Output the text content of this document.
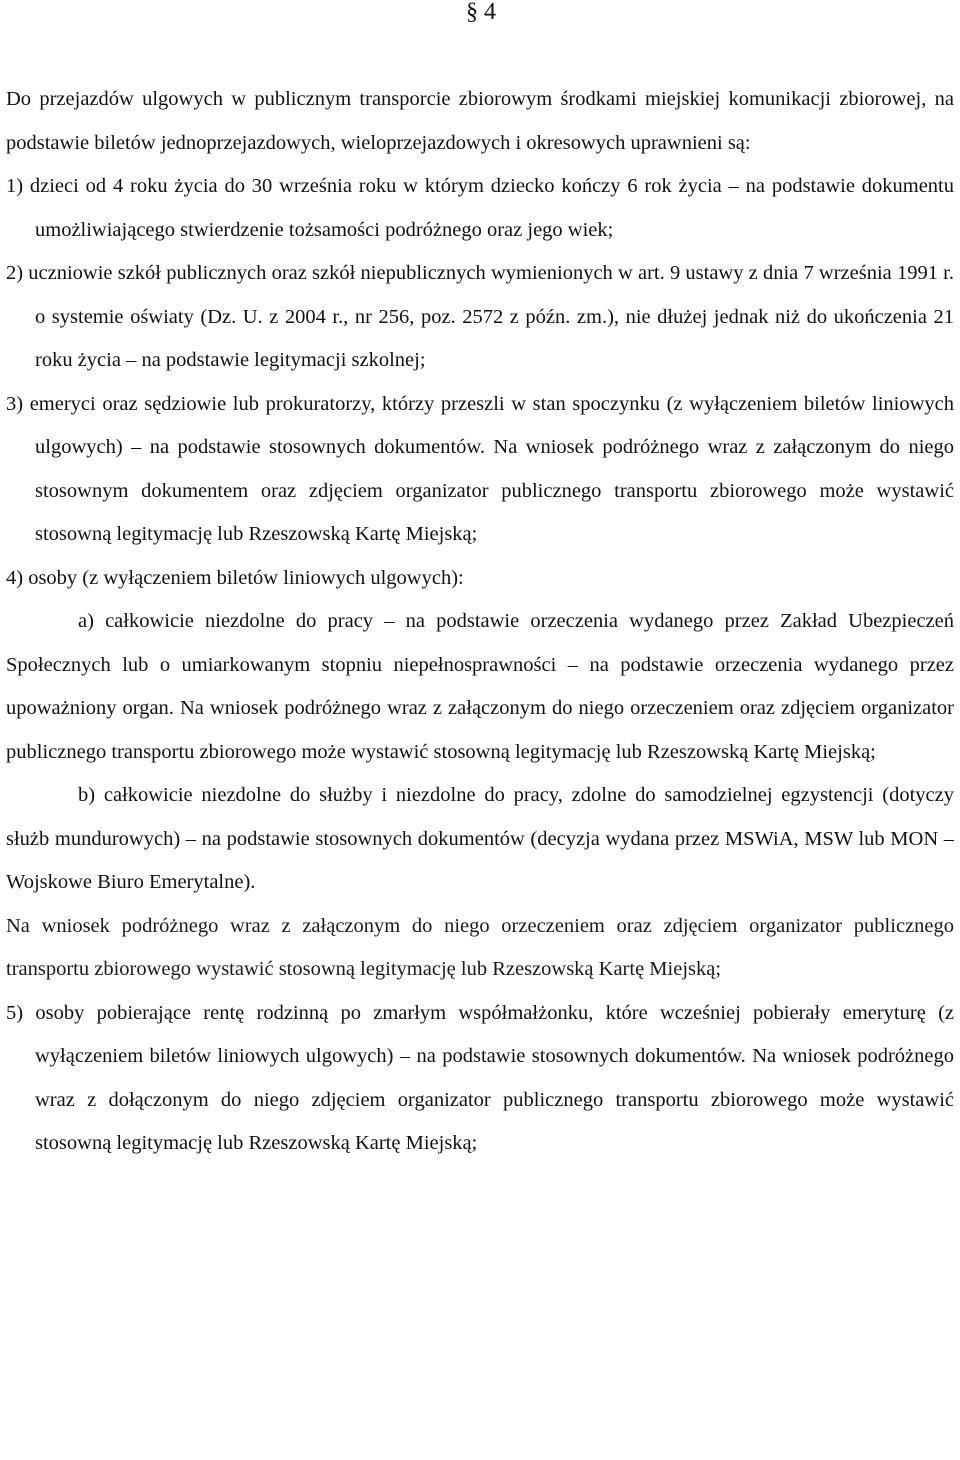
§ 4

Do przejazdów ulgowych w publicznym transporcie zbiorowym środkami miejskiej komunikacji zbiorowej, na podstawie biletów jednoprzejazdowych, wieloprzejazdowych i okresowych uprawnieni są:

1) dzieci od 4 roku życia do 30 września roku w którym dziecko kończy 6 rok życia – na podstawie dokumentu umożliwiającego stwierdzenie tożsamości podróżnego oraz jego wiek;

2) uczniowie szkół publicznych oraz szkół niepublicznych wymienionych w art. 9 ustawy z dnia 7 września 1991 r. o systemie oświaty (Dz. U. z 2004 r., nr 256, poz. 2572 z późn. zm.), nie dłużej jednak niż do ukończenia 21 roku życia – na podstawie legitymacji szkolnej;

3) emeryci oraz sędziowie lub prokuratorzy, którzy przeszli w stan spoczynku (z wyłączeniem biletów liniowych ulgowych) – na podstawie stosownych dokumentów. Na wniosek podróżnego wraz z załączonym do niego stosownym dokumentem oraz zdjęciem organizator publicznego transportu zbiorowego może wystawić stosowną legitymację lub Rzeszowską Kartę Miejską;

4) osoby (z wyłączeniem biletów liniowych ulgowych):

a) całkowicie niezdolne do pracy – na podstawie orzeczenia wydanego przez Zakład Ubezpieczeń Społecznych lub o umiarkowanym stopniu niepełnosprawności – na podstawie orzeczenia wydanego przez upoważniony organ. Na wniosek podróżnego wraz z załączonym do niego orzeczeniem oraz zdjęciem organizator publicznego transportu zbiorowego może wystawić stosowną legitymację lub Rzeszowską Kartę Miejską;

b) całkowicie niezdolne do służby i niezdolne do pracy, zdolne do samodzielnej egzystencji (dotyczy służb mundurowych) – na podstawie stosownych dokumentów (decyzja wydana przez MSWiA, MSW lub MON – Wojskowe Biuro Emerytalne).

Na wniosek podróżnego wraz z załączonym do niego orzeczeniem oraz zdjęciem organizator publicznego transportu zbiorowego wystawić stosowną legitymację lub Rzeszowską Kartę Miejską;

5) osoby pobierające rentę rodzinną po zmarłym współmałżonku, które wcześniej pobierały emeryturę (z wyłączeniem biletów liniowych ulgowych) – na podstawie stosownych dokumentów. Na wniosek podróżnego wraz z dołączonym do niego zdjęciem organizator publicznego transportu zbiorowego może wystawić stosowną legitymację lub Rzeszowską Kartę Miejską;
